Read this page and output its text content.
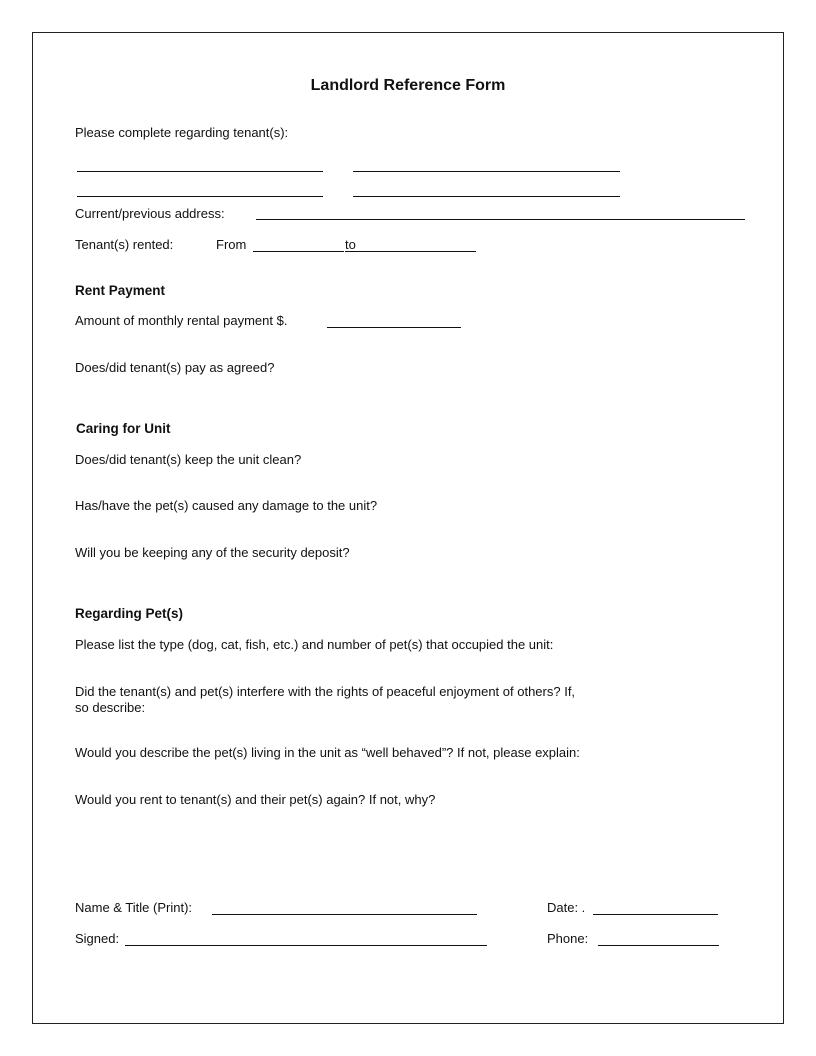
Landlord Reference Form
Please complete regarding tenant(s):
Current/previous address:
Tenant(s) rented:	From	to
Rent Payment
Amount of monthly rental payment $.
Does/did tenant(s) pay as agreed?
Caring for Unit
Does/did tenant(s) keep the unit clean?
Has/have the pet(s) caused any damage to the unit?
Will you be keeping any of the security deposit?
Regarding Pet(s)
Please list the type (dog, cat, fish, etc.) and number of pet(s) that occupied the unit:
Did the tenant(s) and pet(s) interfere with the rights of peaceful enjoyment of others? If,
so describe:
Would you describe the pet(s) living in the unit as “well behaved”? If not, please explain:
Would you rent to tenant(s) and their pet(s) again? If not, why?
Name & Title (Print):	Date: .
Signed:	Phone:
